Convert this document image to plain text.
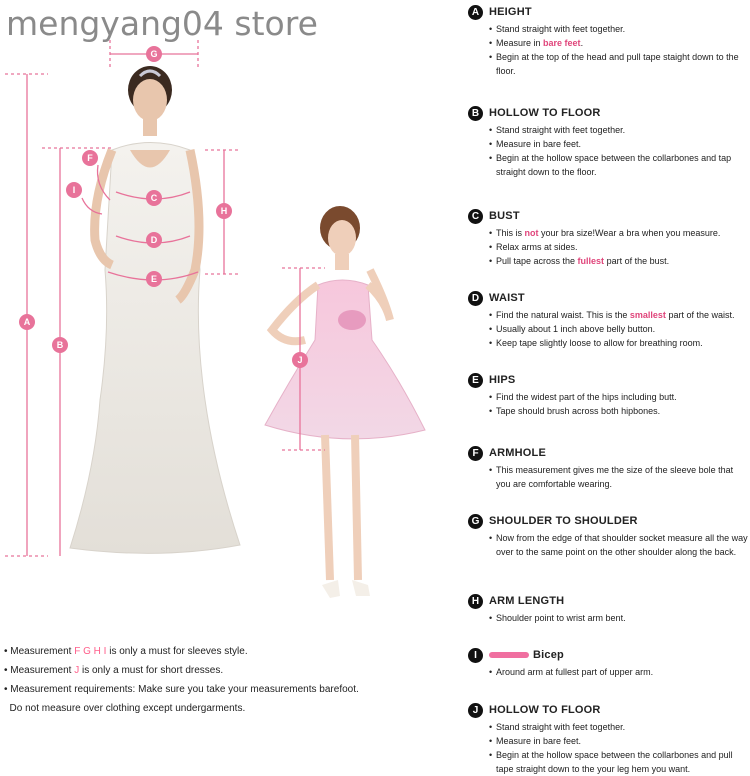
mengyang04 store
A
B
C
D
E
F
G
H
I
J
A HEIGHT
• Stand straight with feet together.
• Measure in bare feet.
• Begin at the top of the head and pull tape staight down to the floor.
B HOLLOW TO FLOOR
• Stand straight with feet together.
• Measure in bare feet.
• Begin at the hollow space between the collarbones and tap straight down to the floor.
C BUST
• This is not your bra size!Wear a bra when you measure.
• Relax arms at sides.
• Pull tape across the fullest part of the bust.
D WAIST
• Find the natural waist. This is the smallest part of the waist.
• Usually about 1 inch above belly button.
• Keep tape slightly loose to allow for breathing room.
E HIPS
• Find the widest part of the hips including butt.
• Tape should brush across both hipbones.
F ARMHOLE
• This measurement gives me the size of the sleeve bole that you are comfortable wearing.
G SHOULDER TO SHOULDER
• Now from the edge of that shoulder socket measure all the way over to the same point on the other shoulder along the back.
H ARM LENGTH
• Shoulder point to wrist arm bent.
I	Bicep
• Around arm at fullest part of upper arm.
J HOLLOW TO FLOOR
• Stand straight with feet together.
• Measure in bare feet.
• Begin at the hollow space between the collarbones and pull tape straight down to the your leg hem you want.
• Measurement F G H I is only a must for sleeves style.
• Measurement J is only a must for short dresses.
• Measurement requirements: Make sure you take your measurements barefoot.
Do not measure over clothing except undergarments.
